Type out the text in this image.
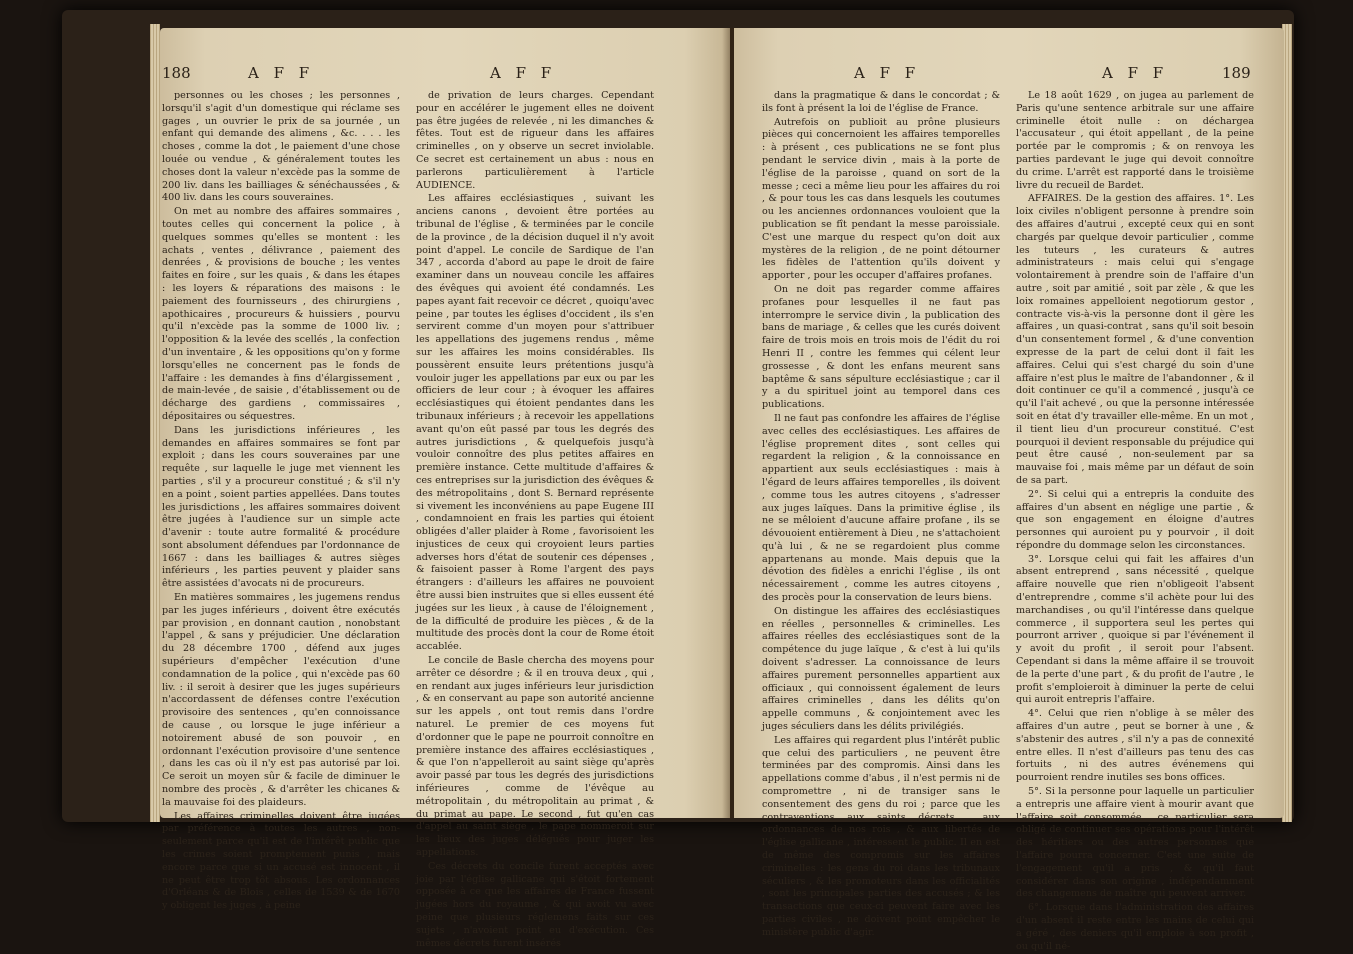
188	A F F	A F F

personnes ou les choses ; les personnes , lorsqu'il s'agit d'un domestique qui réclame ses gages , un ouvrier le prix de sa journée , un enfant qui demande des alimens , &c. . . . les choses , comme la dot , le paiement d'une chose louée ou vendue , & généralement toutes les choses dont la valeur n'excède pas la somme de 200 liv. dans les bailliages & sénéchaussées , & 400 liv. dans les cours souveraines.

On met au nombre des affaires sommaires , toutes celles qui concernent la police , à quelques sommes qu'elles se montent : les achats , ventes , délivrance , paiement des denrées , & provisions de bouche ; les ventes faites en foire , sur les quais , & dans les étapes : les loyers & réparations des maisons : le paiement des fournisseurs , des chirurgiens , apothicaires , procureurs & huissiers , pourvu qu'il n'excède pas la somme de 1000 liv. ; l'opposition & la levée des scellés , la confection d'un inventaire , & les oppositions qu'on y forme lorsqu'elles ne concernent pas le fonds de l'affaire : les demandes à fins d'élargissement , de main-levée , de saisie , d'établissement ou de décharge des gardiens , commissaires , dépositaires ou séquestres.

Dans les jurisdictions inférieures , les demandes en affaires sommaires se font par exploit ; dans les cours souveraines par une requête , sur laquelle le juge met viennent les parties , s'il y a procureur constitué ; & s'il n'y en a point , soient parties appellées. Dans toutes les jurisdictions , les affaires sommaires doivent être jugées à l'audience sur un simple acte d'avenir : toute autre formalité & procédure sont absolument défendues par l'ordonnance de 1667 : dans les bailliages & autres sièges inférieurs , les parties peuvent y plaider sans être assistées d'avocats ni de procureurs.

En matières sommaires , les jugemens rendus par les juges inférieurs , doivent être exécutés par provision , en donnant caution , nonobstant l'appel , & sans y préjudicier. Une déclaration du 28 décembre 1700 , défend aux juges supérieurs d'empêcher l'exécution d'une condamnation de la police , qui n'excède pas 60 liv. : il seroit à desirer que les juges supérieurs n'accordassent de défenses contre l'exécution provisoire des sentences , qu'en connoissance de cause , ou lorsque le juge inférieur a notoirement abusé de son pouvoir , en ordonnant l'exécution provisoire d'une sentence , dans les cas où il n'y est pas autorisé par loi. Ce seroit un moyen sûr & facile de diminuer le nombre des procès , & d'arrêter les chicanes & la mauvaise foi des plaideurs.

Les affaires criminelles doivent être jugées par préférence à toutes les autres , non-seulement parce qu'il est de l'intérêt public que les crimes soient promptement punis , mais encore parce que si un accusé est innocent , il ne peut être trop tôt absous. Les ordonnances d'Orléans & de Blois , celles de 1539 & de 1670 y obligent les juges , à peine

de privation de leurs charges. Cependant pour en accélérer le jugement elles ne doivent pas être jugées de relevée , ni les dimanches & fêtes. Tout est de rigueur dans les affaires criminelles , on y observe un secret inviolable. Ce secret est certainement un abus : nous en parlerons particulièrement à l'article AUDIENCE.

Les affaires ecclésiastiques , suivant les anciens canons , devoient être portées au tribunal de l'église , & terminées par le concile de la province , de la décision duquel il n'y avoit point d'appel. Le concile de Sardique de l'an 347 , accorda d'abord au pape le droit de faire examiner dans un nouveau concile les affaires des évêques qui avoient été condamnés. Les papes ayant fait recevoir ce décret , quoiqu'avec peine , par toutes les églises d'occident , ils s'en servirent comme d'un moyen pour s'attribuer les appellations des jugemens rendus , même sur les affaires les moins considérables. Ils poussèrent ensuite leurs prétentions jusqu'à vouloir juger les appellations par eux ou par les officiers de leur cour ; à évoquer les affaires ecclésiastiques qui étoient pendantes dans les tribunaux inférieurs ; à recevoir les appellations avant qu'on eût passé par tous les degrés des autres jurisdictions , & quelquefois jusqu'à vouloir connoître des plus petites affaires en première instance. Cette multitude d'affaires & ces entreprises sur la jurisdiction des évêques & des métropolitains , dont S. Bernard représente si vivement les inconvéniens au pape Eugene III , condamnoient en frais les parties qui étoient obligées d'aller plaider à Rome , favorisoient les injustices de ceux qui croyoient leurs parties adverses hors d'état de soutenir ces dépenses , & faisoient passer à Rome l'argent des pays étrangers : d'ailleurs les affaires ne pouvoient être aussi bien instruites que si elles eussent été jugées sur les lieux , à cause de l'éloignement , de la difficulté de produire les pièces , & de la multitude des procès dont la cour de Rome étoit accablée.

Le concile de Basle chercha des moyens pour arrêter ce désordre ; & il en trouva deux , qui , en rendant aux juges inférieurs leur jurisdiction , & en conservant au pape son autorité ancienne sur les appels , ont tout remis dans l'ordre naturel. Le premier de ces moyens fut d'ordonner que le pape ne pourroit connoître en première instance des affaires ecclésiastiques , & que l'on n'appelleroit au saint siège qu'après avoir passé par tous les degrés des jurisdictions inférieures , comme de l'évêque au métropolitain , du métropolitain au primat , & du primat au pape. Le second , fut qu'en cas d'appel au saint siège , le pape nommeroit sur les lieux des juges délégués pour juger les appellations.

Ces décrets du concile furent acceptés avec joie par l'église gallicane qui s'étoit fortement opposée à ce que les affaires de France fussent jugées hors du royaume , & qui avoit vu avec peine que plusieurs réglemens faits sur ces sujets , n'avoient point eu d'exécution. Ces mêmes décrets furent insérés

A F F	A F F	189

dans la pragmatique & dans le concordat ; & ils font à présent la loi de l'église de France.

Autrefois on publioit au prône plusieurs pièces qui concernoient les affaires temporelles : à présent , ces publications ne se font plus pendant le service divin , mais à la porte de l'église de la paroisse , quand on sort de la messe ; ceci a même lieu pour les affaires du roi , & pour tous les cas dans lesquels les coutumes ou les anciennes ordonnances vouloient que la publication se fît pendant la messe paroissiale. C'est une marque du respect qu'on doit aux mystères de la religion , de ne point détourner les fidèles de l'attention qu'ils doivent y apporter , pour les occuper d'affaires profanes.

On ne doit pas regarder comme affaires profanes pour lesquelles il ne faut pas interrompre le service divin , la publication des bans de mariage , & celles que les curés doivent faire de trois mois en trois mois de l'édit du roi Henri II , contre les femmes qui célent leur grossesse , & dont les enfans meurent sans baptême & sans sépulture ecclésiastique ; car il y a du spirituel joint au temporel dans ces publications.

Il ne faut pas confondre les affaires de l'église avec celles des ecclésiastiques. Les affaires de l'église proprement dites , sont celles qui regardent la religion , & la connoissance en appartient aux seuls ecclésiastiques : mais à l'égard de leurs affaires temporelles , ils doivent , comme tous les autres citoyens , s'adresser aux juges laïques. Dans la primitive église , ils ne se mêloient d'aucune affaire profane , ils se dévouoient entièrement à Dieu , ne s'attachoient qu'à lui , & ne se regardoient plus comme appartenans au monde. Mais depuis que la dévotion des fidèles a enrichi l'église , ils ont nécessairement , comme les autres citoyens , des procès pour la conservation de leurs biens.

On distingue les affaires des ecclésiastiques en réelles , personnelles & criminelles. Les affaires réelles des ecclésiastiques sont de la compétence du juge laïque , & c'est à lui qu'ils doivent s'adresser. La connoissance de leurs affaires purement personnelles appartient aux officiaux , qui connoissent également de leurs affaires criminelles , dans les délits qu'on appelle communs , & conjointement avec les juges séculiers dans les délits privilégiés.

Les affaires qui regardent plus l'intérêt public que celui des particuliers , ne peuvent être terminées par des compromis. Ainsi dans les appellations comme d'abus , il n'est permis ni de compromettre , ni de transiger sans le consentement des gens du roi ; parce que les contraventions aux saints décrets , aux ordonnances de nos rois , & aux libertés de l'église gallicane , intéressent le public. Il en est de même des compromis sur les affaires criminelles : les gens du roi dans les tribunaux séculiers , & les promoteurs dans les officialités , sont les principales parties des accusés ; & les transactions que ceux-ci peuvent faire avec les parties civiles , ne doivent point empêcher le ministère public d'agir.

Le 18 août 1629 , on jugea au parlement de Paris qu'une sentence arbitrale sur une affaire criminelle étoit nulle : on déchargea l'accusateur , qui étoit appellant , de la peine portée par le compromis ; & on renvoya les parties pardevant le juge qui devoit connoître du crime. L'arrêt est rapporté dans le troisième livre du recueil de Bardet.

AFFAIRES. De la gestion des affaires. 1°. Les loix civiles n'obligent personne à prendre soin des affaires d'autrui , excepté ceux qui en sont chargés par quelque devoir particulier , comme les tuteurs , les curateurs & autres administrateurs : mais celui qui s'engage volontairement à prendre soin de l'affaire d'un autre , soit par amitié , soit par zèle , & que les loix romaines appelloient negotiorum gestor , contracte vis-à-vis la personne dont il gère les affaires , un quasi-contrat , sans qu'il soit besoin d'un consentement formel , & d'une convention expresse de la part de celui dont il fait les affaires. Celui qui s'est chargé du soin d'une affaire n'est plus le maître de l'abandonner , & il doit continuer ce qu'il a commencé , jusqu'à ce qu'il l'ait achevé , ou que la personne intéressée soit en état d'y travailler elle-même. En un mot , il tient lieu d'un procureur constitué. C'est pourquoi il devient responsable du préjudice qui peut être causé , non-seulement par sa mauvaise foi , mais même par un défaut de soin de sa part.

2°. Si celui qui a entrepris la conduite des affaires d'un absent en néglige une partie , & que son engagement en éloigne d'autres personnes qui auroient pu y pourvoir , il doit répondre du dommage selon les circonstances.

3°. Lorsque celui qui fait les affaires d'un absent entreprend , sans nécessité , quelque affaire nouvelle que rien n'obligeoit l'absent d'entreprendre , comme s'il achète pour lui des marchandises , ou qu'il l'intéresse dans quelque commerce , il supportera seul les pertes qui pourront arriver , quoique si par l'événement il y avoit du profit , il seroit pour l'absent. Cependant si dans la même affaire il se trouvoit de la perte d'une part , & du profit de l'autre , le profit s'emploieroit à diminuer la perte de celui qui auroit entrepris l'affaire.

4°. Celui que rien n'oblige à se mêler des affaires d'un autre , peut se borner à une , & s'abstenir des autres , s'il n'y a pas de connexité entre elles. Il n'est d'ailleurs pas tenu des cas fortuits , ni des autres événemens qui pourroient rendre inutiles ses bons offices.

5°. Si la personne pour laquelle un particulier a entrepris une affaire vient à mourir avant que l'affaire soit consommée , ce particulier sera obligé de continuer ses opérations pour l'intérêt des héritiers ou des autres personnes que l'affaire pourra concerner. C'est une suite de l'engagement qu'il a pris , & qu'il faut considérer dans son origine , indépendamment des changemens de maître qui peuvent arriver.

6°. Lorsque dans l'administration des affaires d'un absent il reste entre les mains de celui qui a géré , des deniers qu'il emploie à son profit , ou qu'il né-
